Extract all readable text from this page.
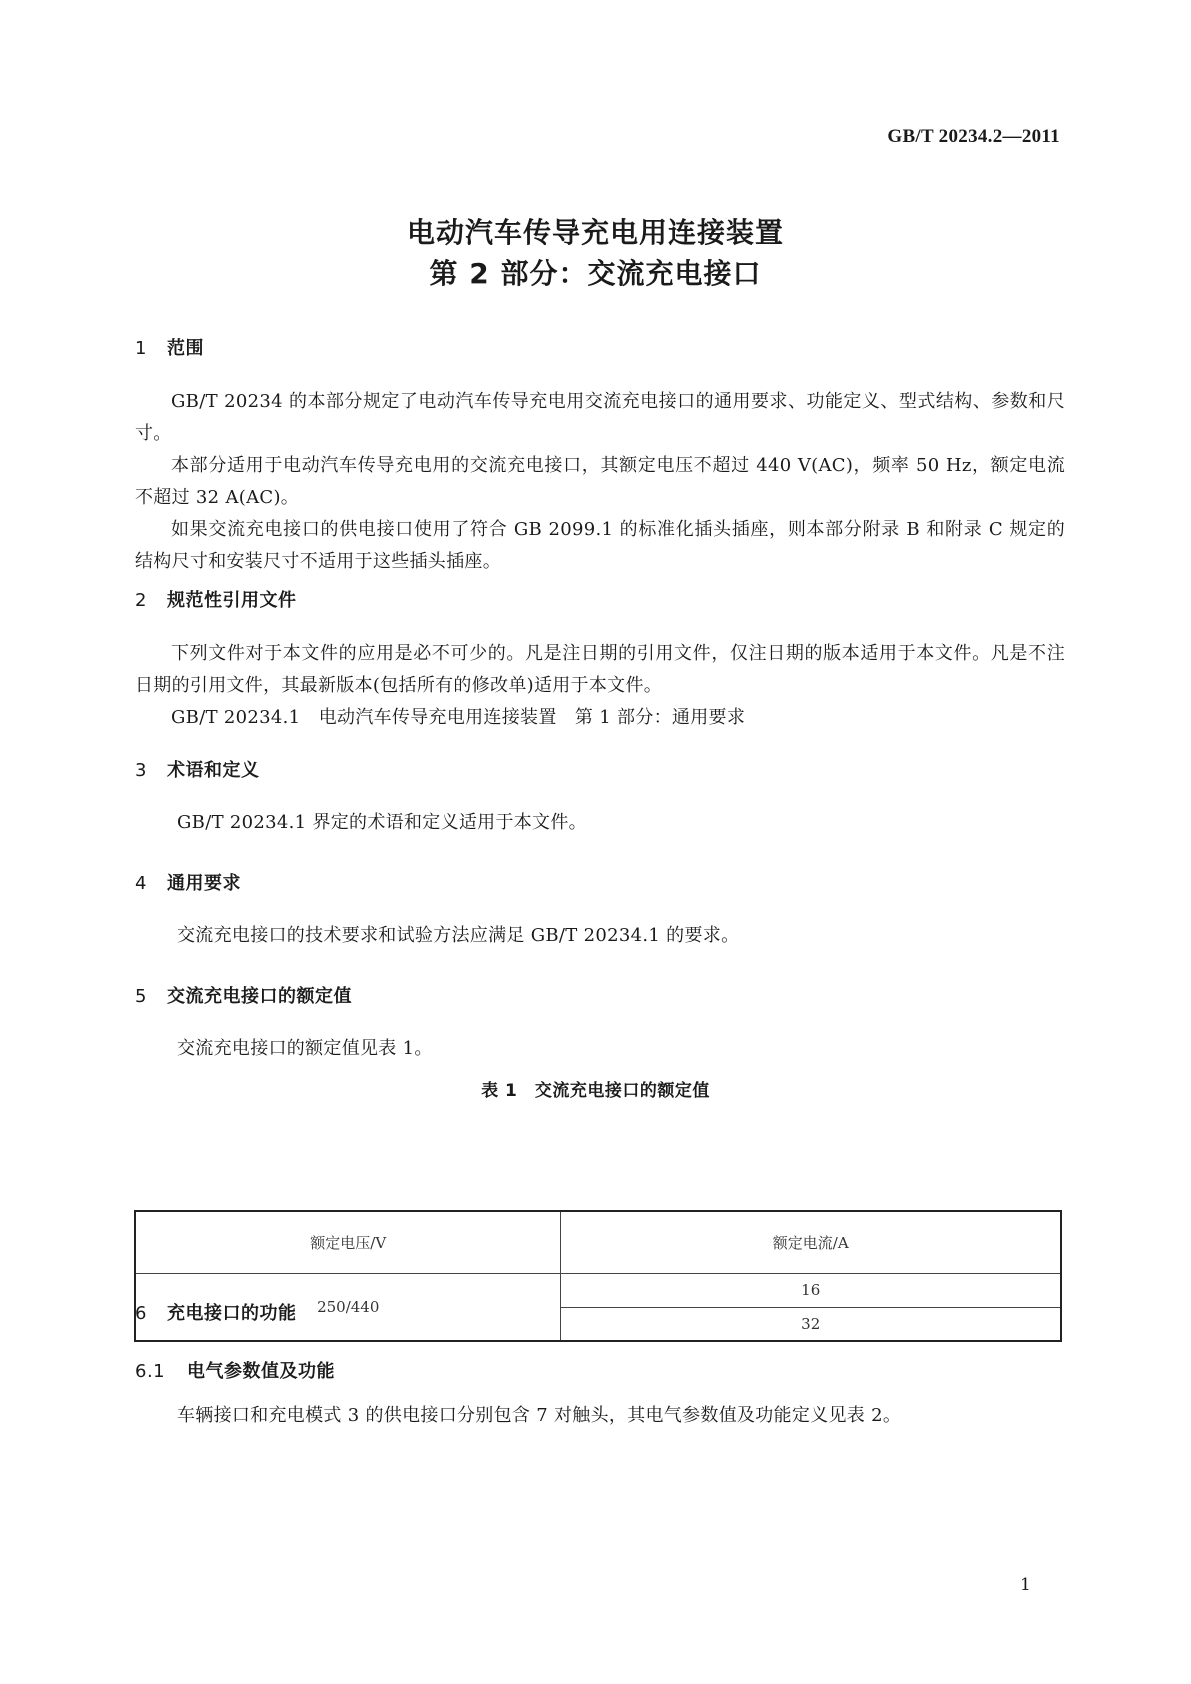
GB/T 20234.2—2011
电动汽车传导充电用连接装置
第 2 部分：交流充电接口
1 范围

GB/T 20234 的本部分规定了电动汽车传导充电用交流充电接口的通用要求、功能定义、型式结构、参数和尺寸。

本部分适用于电动汽车传导充电用的交流充电接口，其额定电压不超过 440 V(AC)，频率 50 Hz，额定电流不超过 32 A(AC)。

如果交流充电接口的供电接口使用了符合 GB 2099.1 的标准化插头插座，则本部分附录 B 和附录 C 规定的结构尺寸和安装尺寸不适用于这些插头插座。

2 规范性引用文件

下列文件对于本文件的应用是必不可少的。凡是注日期的引用文件，仅注日期的版本适用于本文件。凡是不注日期的引用文件，其最新版本(包括所有的修改单)适用于本文件。

GB/T 20234.1　电动汽车传导充电用连接装置　第 1 部分：通用要求

3 术语和定义
GB/T 20234.1 界定的术语和定义适用于本文件。
4 通用要求
交流充电接口的技术要求和试验方法应满足 GB/T 20234.1 的要求。
5 交流充电接口的额定值
交流充电接口的额定值见表 1。
表 1　交流充电接口的额定值
额定电压/V	额定电流/A
250/440	16
	32
6 充电接口的功能
6.1 电气参数值及功能
车辆接口和充电模式 3 的供电接口分别包含 7 对触头，其电气参数值及功能定义见表 2。
1
